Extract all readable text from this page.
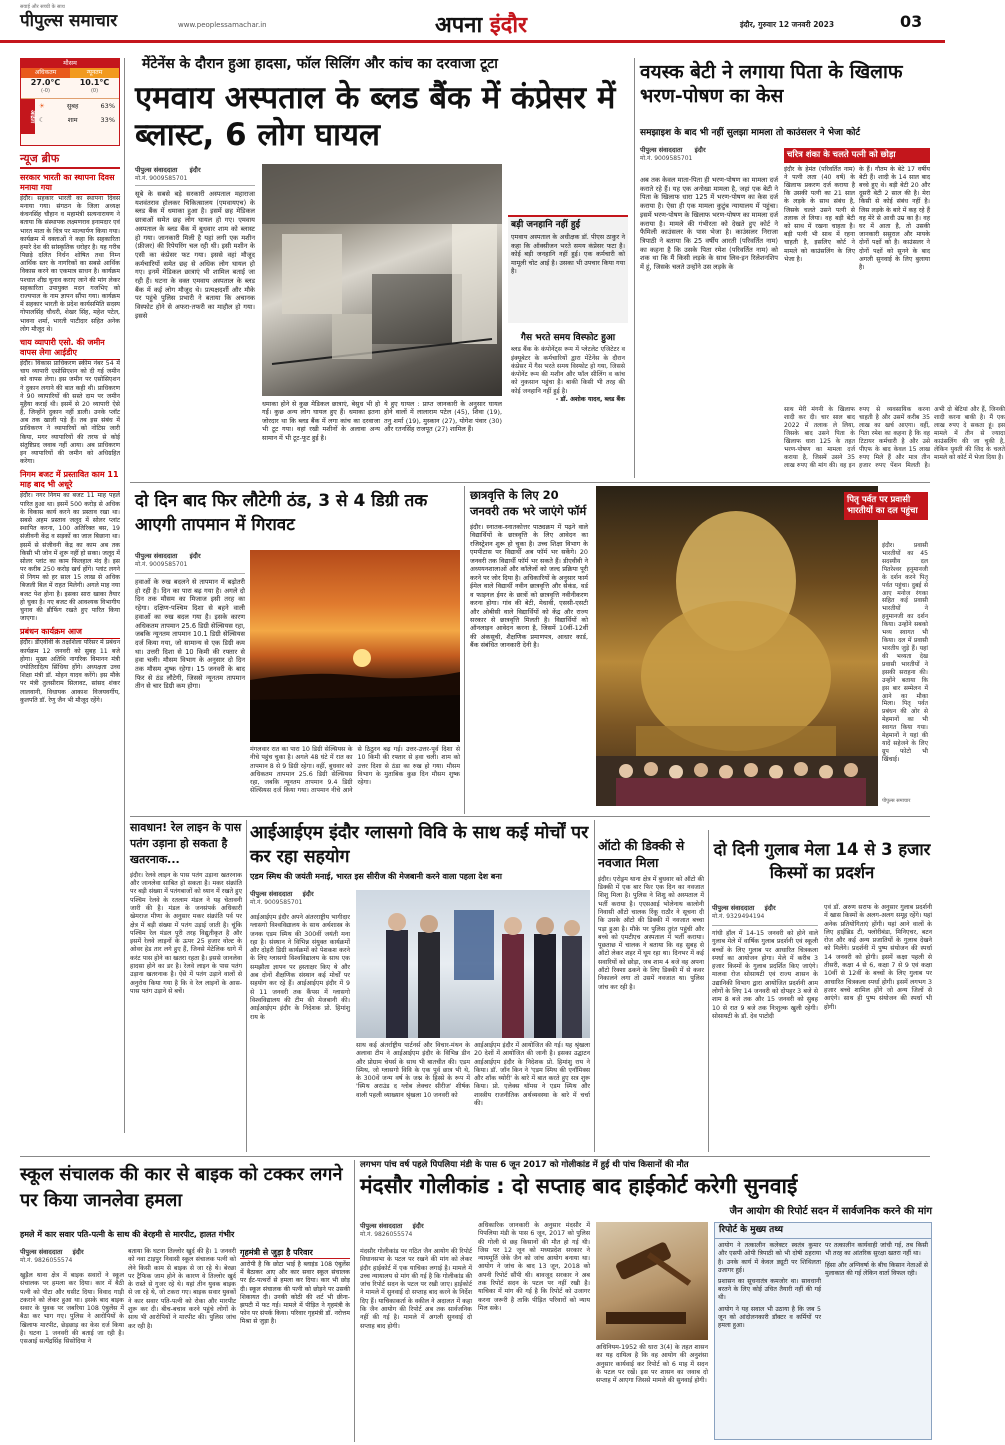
सवाई और सच्ची के साथ
पीपुल्स समाचार	www.peoplessamachar.in	अपना इंदौर	इंदौर, गुरुवार 12 जनवरी 2023	03
मौसम
अधिकतम	न्यूनतम
27.0°C
(-0)
10.1°C
(0)
आर्द्रता
☀	सुबह	63%
☾	शाम	33%
न्यूज ब्रीफ
सरकार भारती का स्थापना दिवस मनाया गया
इंदौर। सहकार भारती का स्थापना दिवस मनाया गया। संगठन के जिला अध्यक्ष कंचनसिंह चौहान व महामंत्री सत्यनारायण ने बताया कि संस्थापक लक्ष्मणराव इनामदार एवं भारत माता के चित्र पर माल्यार्पण किया गया। कार्यक्रम में वक्ताओं ने कहा कि सहकारिता हमारे देश की सांस्कृतिक धरोहर है। यह गरीब पिछड़े दलित निर्धन शोषित तथा निम्न आर्थिक स्तर के नागरिकों का सबसे आर्थिक विकास करने का एकमात्र साधन है। कार्यक्रम पश्चात शीघ्र चुनाव कराए जाने की मांग लेकर सहकारिता उपायुक्त मदन गजभिए को राज्यपाल के नाम ज्ञापन सौंपा गया। कार्यक्रम में सहकार भारती के प्रदेश कार्यसमिति सदस्य गोपालसिंह चौधरी, शेखर सिंह, महेश पटेल, भावना शर्मा, भारती पाटीदार सहित अनेक लोग मौजूद थे।
चाय व्यापारी एसो. की जमीन वापस लेगा आईडीए
इंदौर। विकास प्राधिकरण स्कीम नंबर 54 में चाय व्यापारी एसोसिएशन को दी गई जमीन को वापस लेगा। इस जमीन पर एसोसिएशन ने दुकान लगाने की बात कही थी। प्राधिकरण ने 90 व्यापारियों की सस्ते दाम पर जमीन मुहैया कराई थी। इसमें से 20 व्यापारी ऐसे हैं, जिन्होंने दुकान नहीं डाली। उनके प्लॉट अब तक खाली पड़े हैं। तब इस संबंध में प्राधिकरण ने व्यापारियों को नोटिस जारी किया, मगर व्यापारियों की तरफ से कोई संतुष्टिप्रद जवाब नहीं आया। अब प्राधिकरण इन व्यापारियों की जमीन को अधिग्रहित करेगा।
निगम बजट में प्रस्तावित काम 11 माह बाद भी अधूरे
इंदौर। नगर निगम का बजट 11 माह पहले पारित हुआ था। इसमें 500 करोड़ से अधिक के विकास कार्य करने का प्रस्ताव रखा था। सबसे अहम प्रस्ताव जलूद में सोलर प्लांट स्थापित करना, 100 अतिरिक्त बस, 19 संजीवनी केंद्र व सड़कों का जाल बिछाना था। इसमें से संजीवनी केंद्र का काम अब तक किसी भी जोन में शुरू नहीं हो सका। जलूद में सोलर प्लांट का काम फिलहाल मंद है। इस पर करीब 250 करोड़ खर्च होंगे। प्लांट लगने से निगम को हर साल 15 लाख से अधिक बिजली बिल में राहत मिलेगी। अगले माह नया बजट पेश होना है। इसका सारा खाका तैयार हो चुका है। नए बजट की आवश्यक विभागीय चुनाव की ब्रीफिंग रखते हुए पारित किया जाएगा।
प्रबंधन कार्यक्रम आज
इंदौर। डीएवीवी के तक्षशिला परिसर में प्रबंधन कार्यक्रम 12 जनवरी को सुबह 11 बजे होगा। मुख्य अतिथि नागरिक विमानन मंत्री ज्योतिरादित्य सिंधिया होंगे। अध्यक्षता उच्च शिक्षा मंत्री डॉ. मोहन यादव करेंगे। इस मौके पर मंत्री तुलसीराम सिलावट, सांसद शंकर लालवानी, विधायक आकाश विजयवर्गीय, कुलपति डॉ. रेणु जैन भी मौजूद रहेंगे।
मेंटेनेंस के दौरान हुआ हादसा, फॉल सिलिंग और कांच का दरवाजा टूटा
एमवाय अस्पताल के ब्लड बैंक में कंप्रेसर में ब्लास्ट, 6 लोग घायल
पीपुल्स संवाददाता इंदौर
मो.नं. 9009585701
सूबे के सबसे बड़े सरकारी अस्पताल महाराजा यशवंतराव होलकर चिकित्सालय (एमवायएच) के ब्लड बैंक में धमाका हुआ है। इसमें छह मेडिकल छात्राओं समेत छह लोग घायल हो गए। एमवाय अस्पताल के ब्लड बैंक में बुधवार शाम को ब्लास्ट हो गया। जानकारी मिली है यहां लगी एक मशीन (फ्रीजर) की रिपेयरिंग चल रही थी। इसी मशीन के एसी का कंप्रेसर फट गया। इससे वहां मौजूद कर्मचारियों समेत छह से अधिक लोग घायल हो गए। इनमें मेडिकल छात्राएं भी शामिल बताई जा रही हैं। घटना के वक्त एमवाय अस्पताल के ब्लड बैंक में कई लोग मौजूद थे। प्रत्यक्षदर्शी और मौके पर पहुंचे पुलिस प्रभारी ने बताया कि अचानक विस्फोट होने से अफरा-तफरी का माहौल हो गया। इससे
धमाका होने से कुछ मेडिकल छात्राएं, बेसुध भी हो गईं। कुछ अन्य लोग घायल हुए हैं। धमाका इतना जोरदार था कि ब्लड बैंक में लगा कांच का दरवाजा भी टूट गया। वहां रखी मशीनों के अलावा अन्य सामान में भी टूट-फूट हुई है।
ये हुए घायल : प्राप्त जानकारी के अनुसार घायल होने वालों में लालाराम पटेल (45), शिवा (19), तनु शर्मा (19), मुस्कान (27), योगेश पंवार (30) और रतनसिंह राजपूत (27) शामिल हैं।
बड़ी जनहानि नहीं हुई
एमवाय अस्पताल के अधीक्षक डॉ. पीएस ठाकुर ने कहा कि ऑक्सीजन भरते समय कंप्रेसर फटा है। कोई बड़ी जनहानि नहीं हुई। एक कर्मचारी को मामूली चोट आई है। उसका भी उपचार किया गया है।
गैस भरते समय विस्फोट हुआ
ब्लड बैंक के कंपोनेंट्स रूम में प्लेटलेट एजिटेटर व इंक्यूबेटर के कर्मचारियों द्वारा मेंटेनेंस के दौरान कंप्रेसर में गैस भरते समय विस्फोट हो गया, जिससे कंपोनेंट रूम की मशीन और फॉल सीलिंग व कांच को नुकसान पहुंचा है। बाकी किसी भी तरह की कोई जनहानि नहीं हुई है।
- डॉ. अशोक यादव, ब्लड बैंक
वयस्क बेटी ने लगाया पिता के खिलाफ भरण-पोषण का केस
समझाइश के बाद भी नहीं सुलझा मामला तो काउंसलर ने भेजा कोर्ट
पीपुल्स संवाददाता इंदौर
मो.नं. 9009585701
अब तक केवल माता-पिता ही भरण-पोषण का मामला दर्ज कराते रहे हैं। यह एक अनोखा मामला है, जहां एक बेटी ने पिता के खिलाफ धारा 125 में भरण-पोषण का केस दर्ज कराया है। ऐसा ही एक मामला कुटुंब न्यायालय में पहुंचा। इसमें भरण-पोषण के खिलाफ भरण-पोषण का मामला दर्ज कराया है। मामले की गंभीरता को देखते हुए कोर्ट ने फैमिली काउंसलर के पास भेजा है। काउंसलर निराजा त्रिपाठी ने बताया कि 25 वर्षीय आरती (परिवर्तित नाम) का कहना है कि उसके पिता रमेश (परिवर्तित नाम) को शक था कि मैं किसी लड़के के साथ लिव-इन रिलेशनशिप में हूं, जिसके चलते उन्होंने उस लड़के के
चरित्र शंका के चलते पत्नी को छोड़ा
इंदौर के हेमंत (परिवर्तित नाम) ने पत्नी लता (40 वर्ष) के खिलाफ प्रकरण दर्ज कराया है कि उसकी पत्नी का 21 साल के लड़के के साथ संबंध है, जिसके चलते उसने पत्नी से तलाक ले लिया। वह बड़ी बेटी को साथ में रखना चाहता है। बड़ी पत्नी भी साथ में रहना चाहती है, इसलिए कोर्ट ने मामले को काउंसलिंग के लिए भेजा है।
के हैं। गौतम के बेटे 17 वर्षीय बेटी हैं। शादी के 14 साल बाद बच्चे हुए थे। बड़ी बेटी 20 और दूसरी बेटी 2 साल की है। मेरा किसी से कोई संबंध नहीं है। जिस लड़के के बारे में कह रहे हैं वह मेरे से आधी उम्र का है। वह घर में आता है, तो उसकी जानकारी ससुराल और मायके दोनों पक्षों को है। काउंसलर ने दोनों पक्षों को सुनने के बाद अगली सुनवाई के लिए बुलाया है।
साथ मेरी मंगनी के खिलाफ शादी कर दी। चार साल बाद 2022 में तलाक ले लिया, जिसके बाद उसने पिता के खिलाफ धारा 125 के तहत भरण-पोषण का मामला दर्ज कराया है, जिसमें उसने 35 लाख रुपए की मांग की। वह इन रुपए से व्यवसायिक करना चाहती है और उसमें करीब 35 लाख का खर्च आएगा। वहीं, पिता रमेश का कहना है कि वह टिटायर कर्मचारी है और उसे पीएफ के बाद केवल 15 लाख रुपए मिले हैं और मात्र तीन हजार रुपए पेंशन मिलती है। अभी दो बेटियां और हैं, जिनकी शादी करना बाकी है। मैं एक लाख रुपए दे सकता हूं। इस मामले में तीन से ज्यादा काउंसलिंग की जा चुकी है, लेकिन युवती की जिद के चलते मामले को कोर्ट में भेजा दिया है।
दो दिन बाद फिर लौटेगी ठंड, 3 से 4 डिग्री तक आएगी तापमान में गिरावट
पीपुल्स संवाददाता इंदौर
मो.नं. 9009585701
हवाओं के रुख बदलने से तापमान में बढ़ोतरी हो रही है। दिन का पारा बढ़ गया है। अगले दो दिन तक मौसम का मिजाज इसी तरह का रहेगा। दक्षिण-पश्चिम दिशा से बहने वाली हवाओं का रुख बदल गया है। इसके कारण अधिकतम तापमान 25.6 डिग्री सेल्सियस रहा, जबकि न्यूनतम तापमान 10.1 डिग्री सेल्सियस दर्ज किया गया, जो सामान्य से एक डिग्री कम था। उत्तरी दिशा से 10 किमी की रफ्तार से हवा चली। मौसम विभाग के अनुसार दो दिन तक मौसम शुष्क रहेगा। 15 जनवरी के बाद फिर से ठंड लौटेगी, जिससे न्यूनतम तापमान तीन से चार डिग्री कम होगा।
मंगलवार रात का पारा 10 डिग्री सेल्सियस के नीचे पहुंच चुका है। अगले 48 घंटे में रात का तापमान 8 से 9 डिग्री रहेगा। वहीं, बुधवार को अधिकतम तापमान 25.6 डिग्री सेल्सियस रहा, जबकि न्यूनतम तापमान 9.4 डिग्री सेल्सियस दर्ज किया गया। तापमान नीचे आने से ठिठुरन बढ़ गई। उत्तर-उत्तर-पूर्व दिशा से 10 किमी की रफ्तार से हवा चली। शाम को उत्तर दिशा से ठंडा का रुख हो गया। मौसम विभाग के मुताबिक कुछ दिन मौसम शुष्क रहेगा।
छात्रवृत्ति के लिए 20 जनवरी तक भरे जाएंगे फॉर्म
इंदौर। स्नातक-स्नातकोत्तर पाठ्यक्रम में पढ़ने वाले विद्यार्थियों के छात्रवृत्ति के लिए आवेदन का रजिस्ट्रेशन शुरू हो चुका है। उच्च शिक्षा विभाग के एमपीटास पर विद्यार्थी अब फॉर्म भर सकेंगे। 20 जनवरी तक विद्यार्थी फॉर्म भर सकते हैं। डीएवीवी ने अध्ययनशालाओं और कॉलेजों को जल्द प्रक्रिया पूरी करने पर जोर दिया है। अधिकारियों के अनुसार फार्म ईमेल वाले विद्यार्थी नवीन छात्रवृत्ति और सेकंड, थर्ड व फाइनल ईयर के छात्रों को छात्रवृत्ति नवीनीकरण करना होगा। गांव की बेटी, मेधावी, एससी-एसटी और ओबीसी वाले विद्यार्थियों को केंद्र और राज्य सरकार से छात्रवृत्ति मिलती है। विद्यार्थियों को ऑनलाइन आवेदन करना है, जिसमें 10वीं-12वीं की अंकसूची, शैक्षणिक प्रमाणपत्र, आधार कार्ड, बैंक संबंधित जानकारी देनी है।
पितृ पर्वत पर प्रवासी भारतीयों का दल पहुंचा
इंदौर। प्रवासी भारतीयों का 45 सदस्यीय दल पितरेश्वर हनुमानजी के दर्शन करने पितृ पर्वत पहुंचा। दुबई से आए मनोज रंगका सहित कई प्रवासी भारतीयों ने हनुमानजी का दर्शन किया। उन्होंने सबको भव्य स्वागत भी किया। दल में प्रवासी भारतीय जुड़े हैं। यहां की भव्यता देख प्रवासी भारतीयों ने इसकी सराहना की। उन्होंने बताया कि इस बार सम्मेलन में आने का मौका मिला। पितृ पर्वत प्रबंधन की ओर से मेहमानों का भी स्वागत किया गया। मेहमानों ने यहां की यादें सहेजने के लिए ग्रुप फोटो भी खिंचाई।
पीपुल्स समाचार
सावधान! रेल लाइन के पास पतंग उड़ाना हो सकता है खतरनाक...
इंदौर। रेलवे लाइन के पास पतंग उड़ाना खतरनाक और जानलेवा साबित हो सकता है। मकर संक्रांति पर बड़ी संख्या में पतंगबाजों को ध्यान में रखते हुए पश्चिम रेलवे के रतलाम मंडल ने यह चेतावनी जारी की है। मंडल के जनसंपर्क अधिकारी खेमराज मीणा के अनुसार मकर संक्रांति पर्व पर क्षेत्र में बड़ी संख्या में पतंग उड़ाई जाती है। चूंकि पश्चिम रेल मंडल पूरी तरह विद्युतीकृत है और इसमें रेलवे लाइनों के ऊपर 25 हजार वोल्ट के ओवर हेड तार लगे हुए हैं, जिनसे मेटेलिक धागे में करंट पास होने का खतरा रहता है। इससे जानलेवा हादसा होने का डर है। रेलवे लाइन के पास पतंग उड़ाना खतरनाक है। ऐसे में पतंग उड़ाने वालों से अनुरोध किया गया है कि वे रेल लाइनों के आस-पास पतंग उड़ाने से बचें।
आईआईएम इंदौर ग्लासगो विवि के साथ कई मोर्चों पर कर रहा सहयोग
एडम स्मिथ की जयंती मनाई, भारत इस सीरीज की मेजबानी करने वाला पहला देश बना
पीपुल्स संवाददाता इंदौर
मो.नं. 9009585701
आईआईएम इंदौर अपने अंतरराष्ट्रीय भागीदार ग्लासगो विश्वविद्यालय के साथ अर्थशास्त्र के जनक एडम स्मिथ की 300वीं जयंती मना रहा है। संस्थान ने विभिन्न संयुक्त कार्यक्रमों और दोहरी डिग्री कार्यक्रमों को पेशकश करने के लिए ग्लासगो विश्वविद्यालय के साथ एक समझौता ज्ञापन पर हस्ताक्षर किए थे और अब दोनों शैक्षणिक संस्थान कई मोर्चों पर सहयोग कर रहे हैं। आईआईएम इंदौर में 9 से 11 जनवरी तक कैंपस में ग्लासगो विश्वविद्यालय की टीम की मेजबानी की। आईआईएम इंदौर के निदेशक प्रो. हिमांशु राय के
साथ कई अंतर्राष्ट्रीय पार्टनर्स और विचार-मंथन के अलावा टीम ने आईआईएम इंदौर के विभिन्न डीन और प्रोग्राम चेयर्स के साथ भी बातचीत की। एडम स्मिथ, जो ग्लासगो विवि के एक पूर्व छात्र भी थे, के 300वें जन्म वर्ष के जश्न के हिस्से के रूप में 'स्मिथ अराउंड द ग्लोब लेक्चर सीरीज' शीर्षक वाली पहली व्याख्यान श्रृंखला 10 जनवरी को
आईआईएम इंदौर में आयोजित की गई। यह श्रृंखला 20 देशों में आयोजित की जानी है। इसका उद्घाटन आईआईएम इंदौर के निदेशक प्रो. हिमांशु राय ने किया। डॉ. जॉन किन ने 'एडम स्मिथ की एनॉमिक्स और शॉक थ्योरी' के बारे में बात करते हुए सत्र शुरू किया। प्रो. एलेक्स थॉमस ने एडम स्मिथ और शास्त्रीय राजनीतिक अर्थव्यवस्था के बारे में चर्चा की।
ऑटो की डिक्की से नवजात मिला
इंदौर। एरोड्रम थाना क्षेत्र में बुधवार को ऑटो की डिक्की में एक बार फिर एक दिन का नवजात शिशु मिला है। पुलिस ने शिशु को अस्पताल में भर्ती कराया है। एएसआई भोलेनाथ कालोनी निवासी ऑटो चालक रिंकू राठौर ने सूचना दी कि उसके ऑटो की डिक्की में नवजात बच्चा पड़ा हुआ है। मौके पर पुलिस तुरंत पहुंची और बच्चे को एमटीएच अस्पताल में भर्ती कराया। पूछताछ में चालक ने बताया कि वह सुबह से ऑटो लेकर शहर में घूम रहा था। दिनभर में कई सवारियों को छोड़ा, जब शाम 4 बजे वह अपना ऑटो रिक्शा ढकने के लिए डिक्की में से कवर निकालने लगा तो उसमें नवजात था। पुलिस जांच कर रही है।
दो दिनी गुलाब मेला 14 से 3 हजार किस्मों का प्रदर्शन
पीपुल्स संवाददाता इंदौर
मो.नं. 9329494194
गांधी हॉल में 14-15 जनवरी को होने वाले गुलाब मेले में वार्षिक गुलाब प्रदर्शनी एवं स्कूली बच्चों के लिए गुलाब पर आधारित चित्रकला स्पर्धा का आयोजन होगा। मेले में करीब 3 हजार किस्मों के गुलाब प्रदर्शित किए जाएंगे। मालवा रोज सोसायटी एवं राज्य शासन के उद्यानिकी विभाग द्वारा आयोजित प्रदर्शनी आम लोगों के लिए 14 जनवरी को दोपहर 3 बजे से शाम 8 बजे तक और 15 जनवरी को सुबह 10 से रात 9 बजे तक निःशुल्क खुली रहेगी। सोसायटी के डॉ. देव पाटोदी
एवं डॉ. अरुण सराफ के अनुसार गुलाब प्रदर्शनी में खास किस्मों के अलग-अलग समूह रहेंगे। यहां अनेक प्रतियोगिताएं होंगी। यहां आने वालों के लिए हाईब्रिड टी, फ्लोरीबंडा, मिनिएचर, बटन रोज और कई अन्य प्रजातियों के गुलाब देखने को मिलेंगे। प्रदर्शनी में पुष्प संयोजन की स्पर्धा 14 जनवरी को होगी। इसमें कक्षा पहली से तीसरी, कक्षा 4 से 6, कक्षा 7 से 9 एवं कक्षा 10वीं से 12वीं के बच्चों के लिए गुलाब पर आधारित चित्रकला स्पर्धा होगी। इसमें लगभग 3 हजार बच्चे शामिल होंगे जो अन्य जिलों से आएंगे। साथ ही पुष्प संयोजन की स्पर्धा भी होगी।
स्कूल संचालक की कार से बाइक को टक्कर लगने पर किया जानलेवा हमला
हमले में कार सवार पति-पत्नी के साथ की बेरहमी से मारपीट, हालत गंभीर
पीपुल्स संवाददाता इंदौर
मो.नं. 9826055574
खुड़ैल थाना क्षेत्र में बाइक सवारों ने स्कूल संचालक पर हमला कर दिया। कार में बैठी पत्नी को पीटा और घसीट दिया। विवाद गाड़ी टकराने को लेकर हुआ था। इसके बाद बाइक सवार के युवक पर जबरिया 108 एंबुलेंस में बैठा कर भाग गए। पुलिस ने आरोपियों के खिलाफ मारपीट, छेड़छाड़ का केस दर्ज किया है। घटना 1 जनवरी की बताई जा रही है। एसआई सत्येंद्रसिंह सिसोदिया ने
बताया कि घटना तिल्लोर खुर्द की है। 1 जनवरी को नवा टाइपुर निवासी स्कूल संचालक पत्नी को लेने किसी काम से बाइक से जा रहे थे। बेरछा पर ट्रैफिक जाम होने के कारण वे तिल्लोर खुर्द के रास्ते से गुजर रहे थे। यहां तीन युवक बाइक से जा रहे थे, जो टकरा गए। बाइक सवार युवकों ने कार सवार पति-पत्नी को रोका और मारपीट शुरू कर दी। बीच-बचाव करने पहुंचे लोगों के साथ भी आरोपियों ने मारपीट की। पुलिस जांच कर रही है।
गृहमंत्री से जुड़ा है परिवार
आरोपी है कि छोटा भाई है ब्लाइंड 108 एंबुलेंस में बैठाकर आए और कार सवार स्कूल संचालक पर ईंट-पत्थरों से हमला कर दिया। कार भी छोड़ दी। स्कूल संचालक की पत्नी को छोड़ने पर उसकी शिकायत दी। उनकी कोठी की शर्ट भी छीना-झपटी में फट गई। मामले में पीड़ित ने गृहमंत्री के फोन पर संपर्क किया। परिवार गृहमंत्री डॉ. नरोत्तम मिश्रा से जुड़ा है।
लगभग पांच वर्ष पहले पिपलिया मंडी के पास 6 जून 2017 को गोलीकांड में हुई थी पांच किसानों की मौत
मंदसौर गोलीकांड : दो सप्ताह बाद हाईकोर्ट करेगी सुनवाई
जैन आयोग की रिपोर्ट सदन में सार्वजनिक करने की मांग
पीपुल्स संवाददाता इंदौर
मो.नं. 9826055574
मंदसौर गोलीकांड पर गठित जैन आयोग की रिपोर्ट विधानसभा के पटल पर रखने की मांग को लेकर इंदौर हाईकोर्ट में एक याचिका लगाई है। मामले में उच्च न्यायालय से मांग की गई है कि गोलीकांड की जांच रिपोर्ट सदन के पटल पर रखी जाए। हाईकोर्ट ने मामले में सुनवाई दो सप्ताह बाद करने के निर्देश दिए हैं। याचिकाकर्ता के वकील ने अदालत में कहा कि जैन आयोग की रिपोर्ट अब तक सार्वजनिक नहीं की गई है। मामले में अगली सुनवाई दो सप्ताह बाद होगी।
अधिकारिक जानकारी के अनुसार मंदसौर में पिपलिया मंडी के पास 6 जून, 2017 को पुलिस की गोली से छह किसानों की मौत हो गई थी। जिस पर 12 जून को मध्यप्रदेश सरकार ने न्यायमूर्ति जेके जैन को जांच आयोग बनाया था। आयोग ने जांच के बाद 13 जून, 2018 को अपनी रिपोर्ट सौंपी थी। बावजूद सरकार ने अब तक रिपोर्ट सदन के पटल पर नहीं रखी है। याचिका में मांग की गई है कि रिपोर्ट को उजागर करना जरूरी है ताकि पीड़ित परिवारों को न्याय मिल सके।
अधिनियम-1952 की धारा 3(4) के तहत शासन का यह दायित्व है कि वह आयोग की अनुशंसा अनुसार कार्यवाई कर रिपोर्ट को 6 माह में सदन के पटल पर रखें। इस पर शासन का जवाब दो सप्ताह में आएगा जिससे मामले की सुनवाई होगी।
रिपोर्ट के मुख्य तथ्य
आयोग ने तत्कालीन कलेक्टर स्वतंत्र कुमार और एसपी ओपी त्रिपाठी को भी दोषी ठहराया है। उनके कार्य में केवल ड्यूटी पर शिथिलता उजागर हुई।
प्रशासन का सूचनातंत्र कमजोर था। सावधानी बरतने के लिए कोई उचित तैयारी नहीं की गई थी।
आयोग ने यह सवाल भी उठाया है कि जब 5 जून को आंदोलनकारी डॉक्टर व कर्मियों पर हमला हुआ।
पर तत्कालीन कार्यवाही जांची गई, तब किसी भी तरह का आंतरिक सुरक्षा खतरा नहीं था।
हिंसा और अग्निवर्षा के बीच किसान नेताओं से मुलाकात की गई लेकिन वार्ता विफल रही।
